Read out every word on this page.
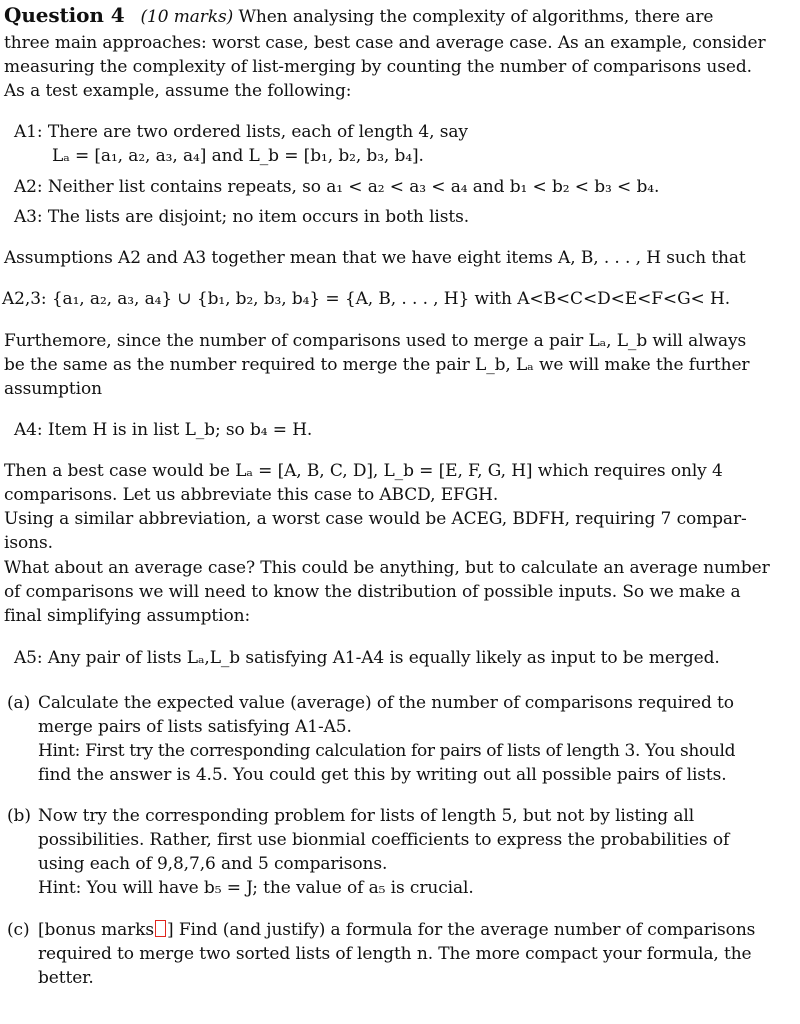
Question 4 (10 marks) When analysing the complexity of algorithms, there are
three main approaches: worst case, best case and average case. As an example, consider
measuring the complexity of list-merging by counting the number of comparisons used.
As a test example, assume the following:
A1: There are two ordered lists, each of length 4, say
Lₐ = [a₁, a₂, a₃, a₄] and L_b = [b₁, b₂, b₃, b₄].
A2: Neither list contains repeats, so a₁ < a₂ < a₃ < a₄ and b₁ < b₂ < b₃ < b₄.
A3: The lists are disjoint; no item occurs in both lists.
Assumptions A2 and A3 together mean that we have eight items A, B, . . . , H such that
A2,3: {a₁, a₂, a₃, a₄} ∪ {b₁, b₂, b₃, b₄} = {A, B, . . . , H} with A<B<C<D<E<F<G< H.
Furthemore, since the number of comparisons used to merge a pair Lₐ, L_b will always
be the same as the number required to merge the pair L_b, Lₐ we will make the further
assumption
A4: Item H is in list L_b; so b₄ = H.
Then a best case would be Lₐ = [A, B, C, D], L_b = [E, F, G, H] which requires only 4
comparisons. Let us abbreviate this case to ABCD, EFGH.
Using a similar abbreviation, a worst case would be ACEG, BDFH, requiring 7 compar-
isons.
What about an average case? This could be anything, but to calculate an average number
of comparisons we will need to know the distribution of possible inputs. So we make a
final simplifying assumption:
A5: Any pair of lists Lₐ,L_b satisfying A1-A4 is equally likely as input to be merged.
(a) Calculate the expected value (average) of the number of comparisons required to
merge pairs of lists satisfying A1-A5.
Hint: First try the corresponding calculation for pairs of lists of length 3. You should
find the answer is 4.5. You could get this by writing out all possible pairs of lists.
(b) Now try the corresponding problem for lists of length 5, but not by listing all
possibilities. Rather, first use bionmial coefficients to express the probabilities of
using each of 9,8,7,6 and 5 comparisons.
Hint: You will have b₅ = J; the value of a₅ is crucial.
(c) [bonus marks ] Find (and justify) a formula for the average number of comparisons
required to merge two sorted lists of length n. The more compact your formula, the
better.
